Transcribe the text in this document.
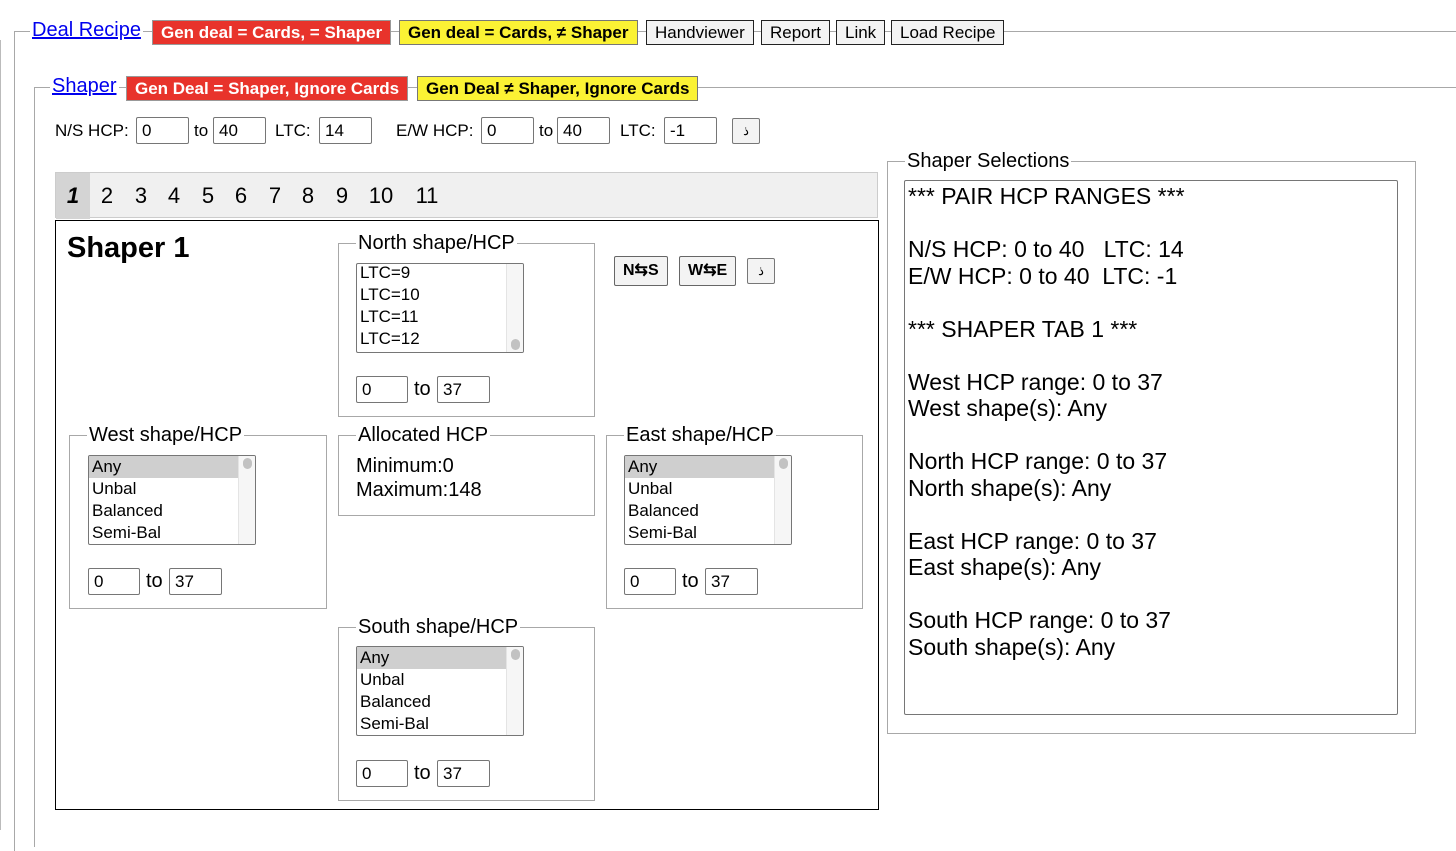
Deal Recipe	Gen deal = Cards, = Shaper	Gen deal = Cards, ≠ Shaper	Handviewer	Report	Link	Load Recipe
Shaper	Gen Deal = Shaper, Ignore Cards	Gen Deal ≠ Shaper, Ignore Cards
N/S HCP:
0	to
40	LTC:
14	E/W HCP:
0	to
40	LTC:
-1	ذ
1 2 3 4 5 6 7 8 9 10	11
Shaper 1	North shape/HCP
LTC=9
LTC=10
LTC=11
LTC=12
0
to
37
N⇆S	W⇆E	ذ
West shape/HCP
Any
Unbal
Balanced
Semi-Bal
0
to
37
Allocated HCP
Minimum:0
Maximum:148
East shape/HCP
Any
Unbal
Balanced
Semi-Bal
0
to
37
South shape/HCP
Any
Unbal
Balanced
Semi-Bal
0
to
37
Shaper Selections
*** PAIR HCP RANGES ***

N/S HCP: 0 to 40   LTC: 14
E/W HCP: 0 to 40  LTC: -1

*** SHAPER TAB 1 ***

West HCP range: 0 to 37
West shape(s): Any

North HCP range: 0 to 37
North shape(s): Any

East HCP range: 0 to 37
East shape(s): Any

South HCP range: 0 to 37
South shape(s): Any
